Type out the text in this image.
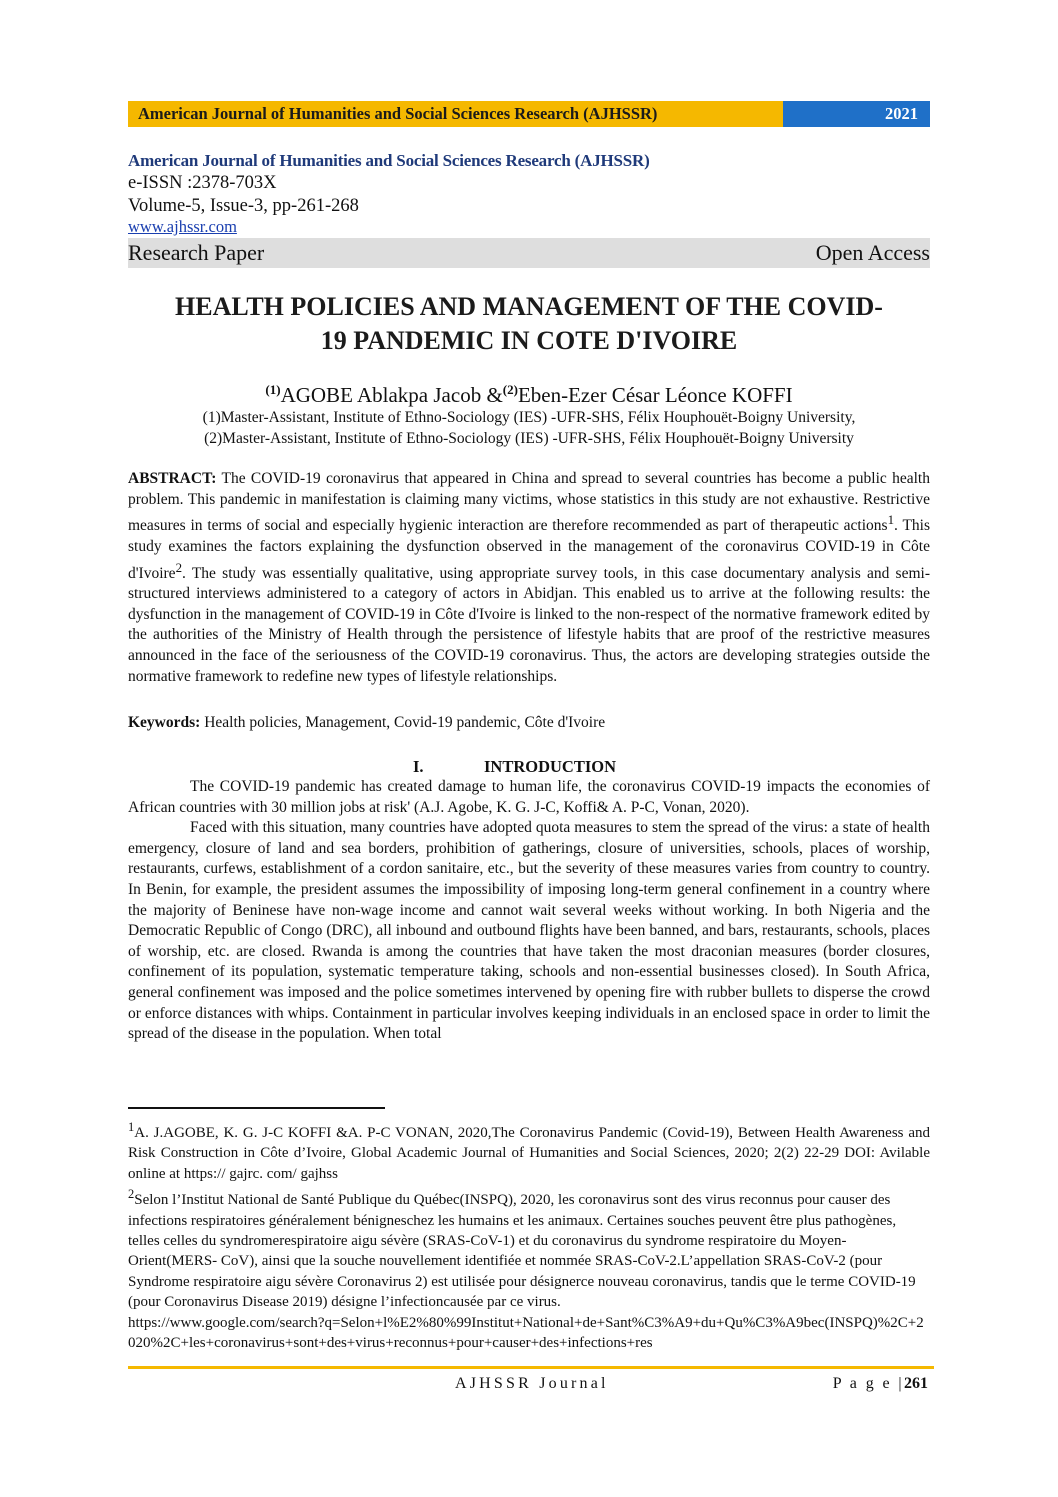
American Journal of Humanities and Social Sciences Research (AJHSSR)	2021
American Journal of Humanities and Social Sciences Research (AJHSSR)
e-ISSN :2378-703X
Volume-5, Issue-3, pp-261-268
www.ajhssr.com
Research Paper	Open Access
HEALTH POLICIES AND MANAGEMENT OF THE COVID-
19 PANDEMIC IN COTE D'IVOIRE
$^{(1)}$AGOBE Ablakpa Jacob &$^{(2)}$Eben-Ezer César Léonce KOFFI
(1)Master-Assistant, Institute of Ethno-Sociology (IES) -UFR-SHS, Félix Houphouët-Boigny University,
(2)Master-Assistant, Institute of Ethno-Sociology (IES) -UFR-SHS, Félix Houphouët-Boigny University
ABSTRACT: The COVID-19 coronavirus that appeared in China and spread to several countries has become a public health problem. This pandemic in manifestation is claiming many victims, whose statistics in this study are not exhaustive. Restrictive measures in terms of social and especially hygienic interaction are therefore recommended as part of therapeutic actions$^1$. This study examines the factors explaining the dysfunction observed in the management of the coronavirus COVID-19 in Côte d'Ivoire$^2$. The study was essentially qualitative, using appropriate survey tools, in this case documentary analysis and semi-structured interviews administered to a category of actors in Abidjan. This enabled us to arrive at the following results: the dysfunction in the management of COVID-19 in Côte d'Ivoire is linked to the non-respect of the normative framework edited by the authorities of the Ministry of Health through the persistence of lifestyle habits that are proof of the restrictive measures announced in the face of the seriousness of the COVID-19 coronavirus. Thus, the actors are developing strategies outside the normative framework to redefine new types of lifestyle relationships.
Keywords: Health policies, Management, Covid-19 pandemic, Côte d'Ivoire
I.	INTRODUCTION

The COVID-19 pandemic has created damage to human life, the coronavirus COVID-19 impacts the economies of African countries with 30 million jobs at risk' (A.J. Agobe, K. G. J-C, Koffi& A. P-C, Vonan, 2020).

Faced with this situation, many countries have adopted quota measures to stem the spread of the virus: a state of health emergency, closure of land and sea borders, prohibition of gatherings, closure of universities, schools, places of worship, restaurants, curfews, establishment of a cordon sanitaire, etc., but the severity of these measures varies from country to country. In Benin, for example, the president assumes the impossibility of imposing long-term general confinement in a country where the majority of Beninese have non-wage income and cannot wait several weeks without working. In both Nigeria and the Democratic Republic of Congo (DRC), all inbound and outbound flights have been banned, and bars, restaurants, schools, places of worship, etc. are closed. Rwanda is among the countries that have taken the most draconian measures (border closures, confinement of its population, systematic temperature taking, schools and non-essential businesses closed). In South Africa, general confinement was imposed and the police sometimes intervened by opening fire with rubber bullets to disperse the crowd or enforce distances with whips. Containment in particular involves keeping individuals in an enclosed space in order to limit the spread of the disease in the population. When total

$^1$A. J.AGOBE, K. G. J-C KOFFI &A. P-C VONAN, 2020,The Coronavirus Pandemic (Covid-19), Between Health Awareness and Risk Construction in Côte d’Ivoire, Global Academic Journal of Humanities and Social Sciences, 2020; 2(2) 22-29 DOI: Avilable online at https:// gajrc. com/ gajhss

$^2$Selon l’Institut National de Santé Publique du Québec(INSPQ), 2020, les coronavirus sont des virus reconnus pour causer des infections respiratoires généralement bénigneschez les humains et les animaux. Certaines souches peuvent être plus pathogènes, telles celles du syndromerespiratoire aigu sévère (SRAS-CoV-1) et du coronavirus du syndrome respiratoire du Moyen-Orient(MERS- CoV), ainsi que la souche nouvellement identifiée et nommée SRAS-CoV-2.L’appellation SRAS-CoV-2 (pour Syndrome respiratoire aigu sévère Coronavirus 2) est utilisée pour désignerce nouveau coronavirus, tandis que le terme COVID-19 (pour Coronavirus Disease 2019) désigne l’infectioncausée par ce virus.

https://www.google.com/search?q=Selon+l%E2%80%99Institut+National+de+Sant%C3%A9+du+Qu%C3%A9bec(INSPQ)%2C+2020%2C+les+coronavirus+sont+des+virus+reconnus+pour+causer+des+infections+res

AJHSSR Journal	P a g e |261
